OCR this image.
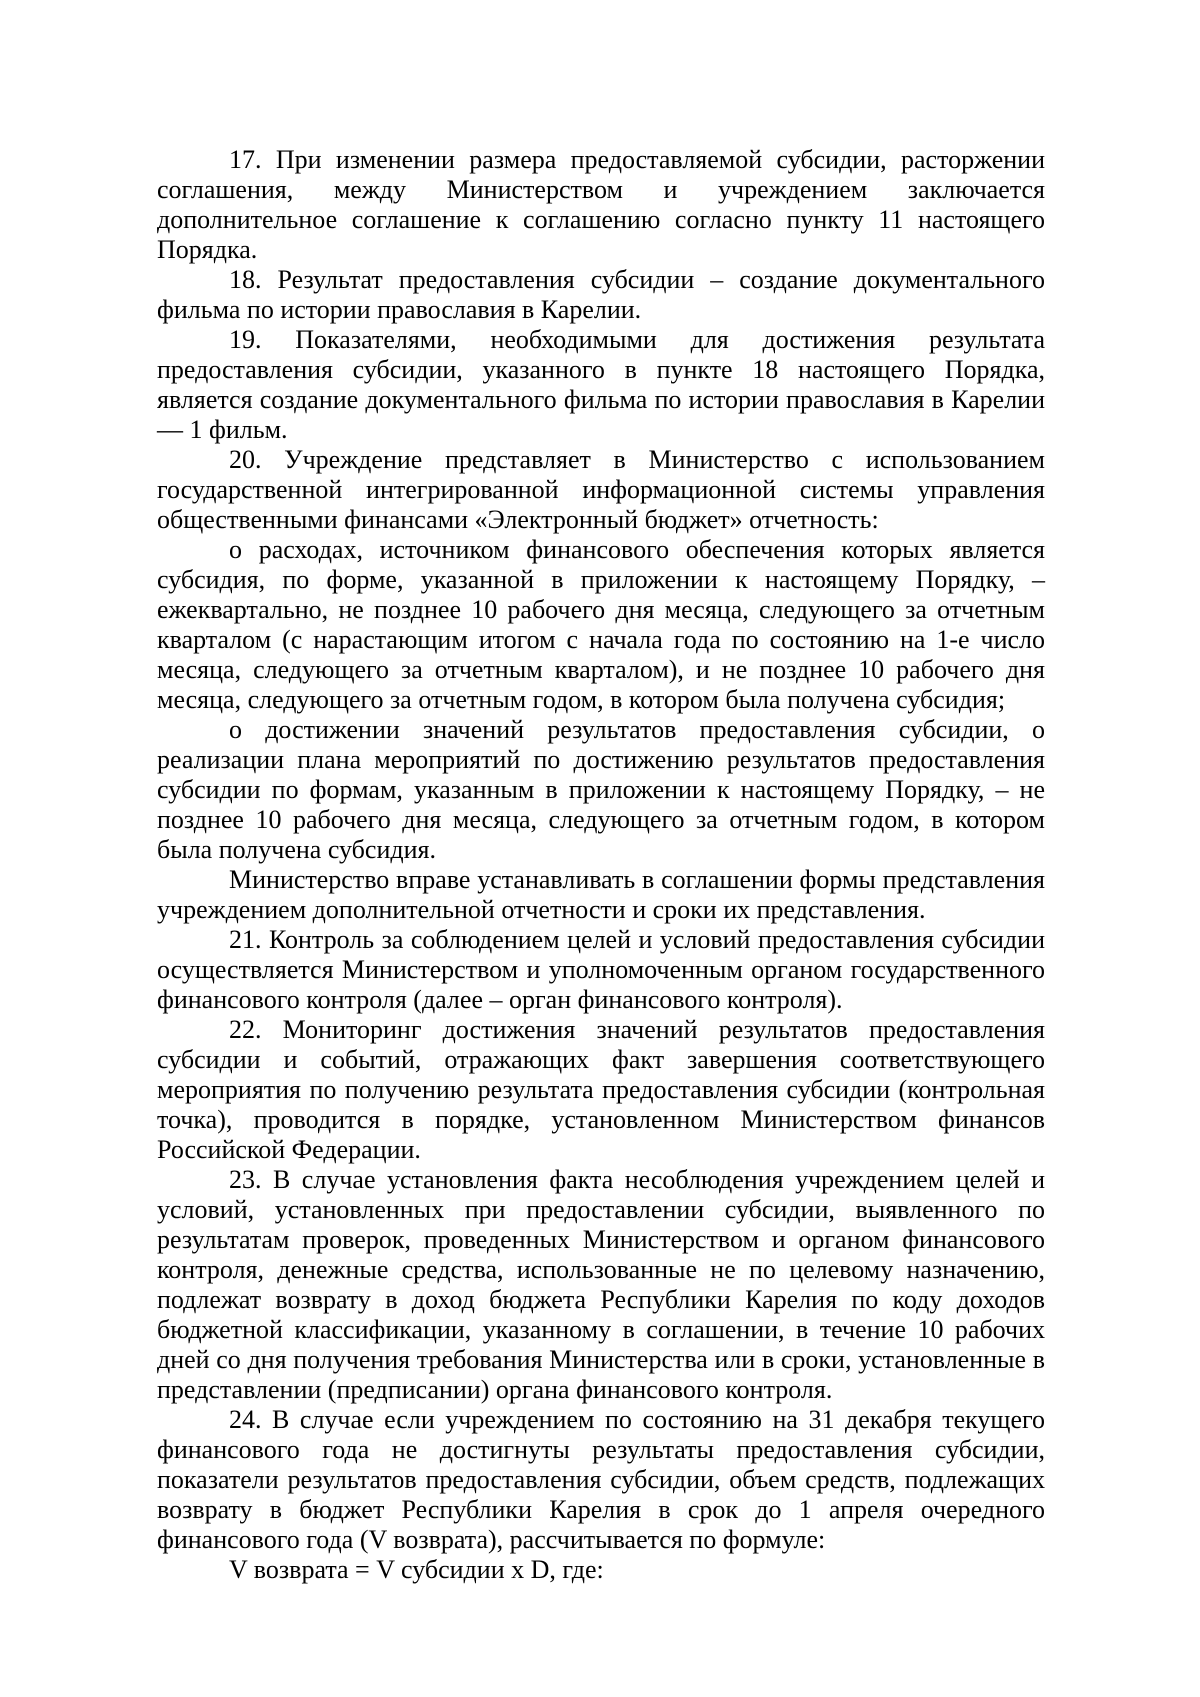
17. При изменении размера предоставляемой субсидии, расторжении соглашения, между Министерством и учреждением заключается дополнительное соглашение к соглашению согласно пункту 11 настоящего Порядка.

18. Результат предоставления субсидии – создание документального фильма по истории православия в Карелии.

19. Показателями, необходимыми для достижения результата предоставления субсидии, указанного в пункте 18 настоящего Порядка, является создание документального фильма по истории православия в Карелии — 1 фильм.

20. Учреждение представляет в Министерство с использованием государственной интегрированной информационной системы управления общественными финансами «Электронный бюджет» отчетность:

о расходах, источником финансового обеспечения которых является субсидия, по форме, указанной в приложении к настоящему Порядку, – ежеквартально, не позднее 10 рабочего дня месяца, следующего за отчетным кварталом (с нарастающим итогом с начала года по состоянию на 1-е число месяца, следующего за отчетным кварталом), и не позднее 10 рабочего дня месяца, следующего за отчетным годом, в котором была получена субсидия;

о достижении значений результатов предоставления субсидии, о реализации плана мероприятий по достижению результатов предоставления субсидии по формам, указанным в приложении к настоящему Порядку, – не позднее 10 рабочего дня месяца, следующего за отчетным годом, в котором была получена субсидия.

Министерство вправе устанавливать в соглашении формы представления учреждением дополнительной отчетности и сроки их представления.

21. Контроль за соблюдением целей и условий предоставления субсидии осуществляется Министерством и уполномоченным органом государственного финансового контроля (далее – орган финансового контроля).

22. Мониторинг достижения значений результатов предоставления субсидии и событий, отражающих факт завершения соответствующего мероприятия по получению результата предоставления субсидии (контрольная точка), проводится в порядке, установленном Министерством финансов Российской Федерации.

23. В случае установления факта несоблюдения учреждением целей и условий, установленных при предоставлении субсидии, выявленного по результатам проверок, проведенных Министерством и органом финансового контроля, денежные средства, использованные не по целевому назначению, подлежат возврату в доход бюджета Республики Карелия по коду доходов бюджетной классификации, указанному в соглашении, в течение 10 рабочих дней со дня получения требования Министерства или в сроки, установленные в представлении (предписании) органа финансового контроля.

24. В случае если учреждением по состоянию на 31 декабря текущего финансового года не достигнуты результаты предоставления субсидии, показатели результатов предоставления субсидии, объем средств, подлежащих возврату в бюджет Республики Карелия в срок до 1 апреля очередного финансового года (V возврата), рассчитывается по формуле:

V возврата = V субсидии x D, где:
